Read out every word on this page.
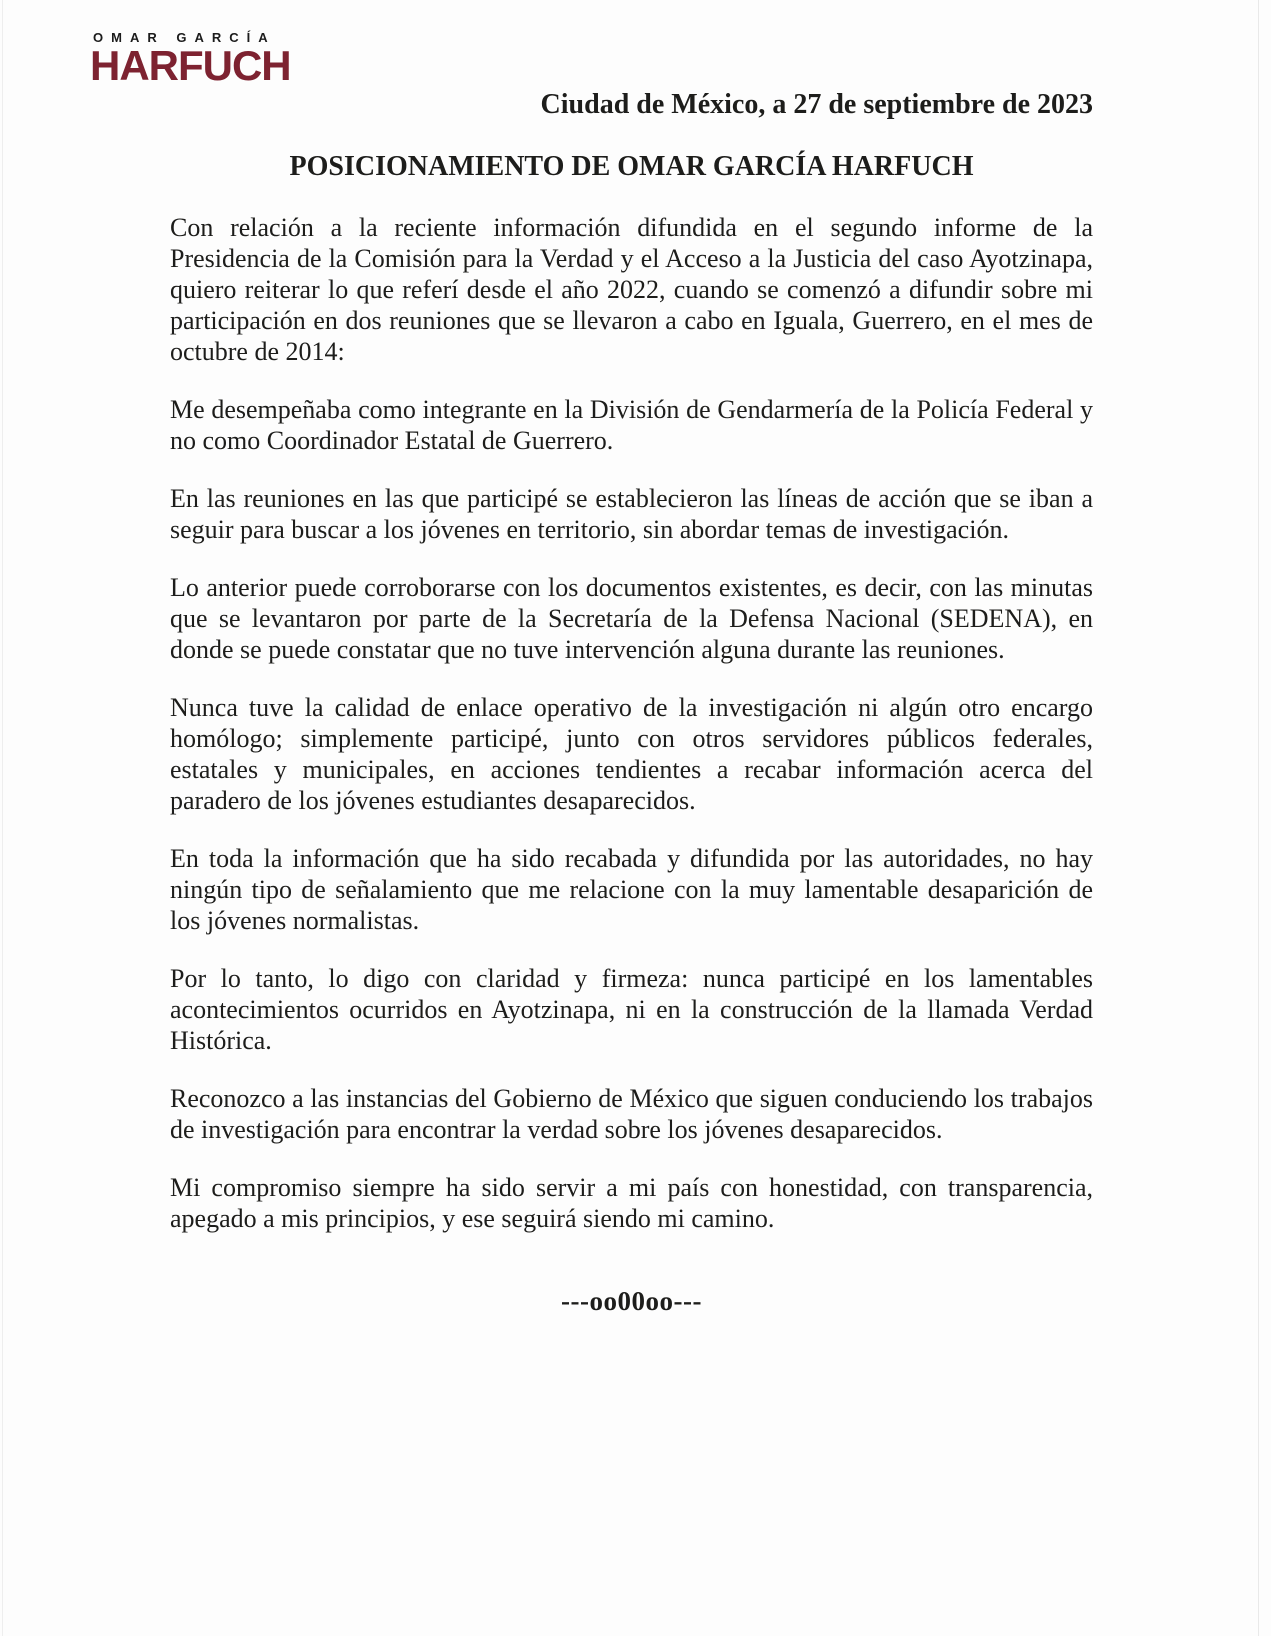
OMAR GARCÍA
HARFUCH

Ciudad de México, a 27 de septiembre de 2023

POSICIONAMIENTO DE OMAR GARCÍA HARFUCH

Con relación a la reciente información difundida en el segundo informe de la Presidencia de la Comisión para la Verdad y el Acceso a la Justicia del caso Ayotzinapa, quiero reiterar lo que referí desde el año 2022, cuando se comenzó a difundir sobre mi participación en dos reuniones que se llevaron a cabo en Iguala, Guerrero, en el mes de octubre de 2014:

Me desempeñaba como integrante en la División de Gendarmería de la Policía Federal y no como Coordinador Estatal de Guerrero.

En las reuniones en las que participé se establecieron las líneas de acción que se iban a seguir para buscar a los jóvenes en territorio, sin abordar temas de investigación.

Lo anterior puede corroborarse con los documentos existentes, es decir, con las minutas que se levantaron por parte de la Secretaría de la Defensa Nacional (SEDENA), en donde se puede constatar que no tuve intervención alguna durante las reuniones.

Nunca tuve la calidad de enlace operativo de la investigación ni algún otro encargo homólogo; simplemente participé, junto con otros servidores públicos federales, estatales y municipales, en acciones tendientes a recabar información acerca del paradero de los jóvenes estudiantes desaparecidos.

En toda la información que ha sido recabada y difundida por las autoridades, no hay ningún tipo de señalamiento que me relacione con la muy lamentable desaparición de los jóvenes normalistas.

Por lo tanto, lo digo con claridad y firmeza: nunca participé en los lamentables acontecimientos ocurridos en Ayotzinapa, ni en la construcción de la llamada Verdad Histórica.

Reconozco a las instancias del Gobierno de México que siguen conduciendo los trabajos de investigación para encontrar la verdad sobre los jóvenes desaparecidos.

Mi compromiso siempre ha sido servir a mi país con honestidad, con transparencia, apegado a mis principios, y ese seguirá siendo mi camino.

---oo00oo---
